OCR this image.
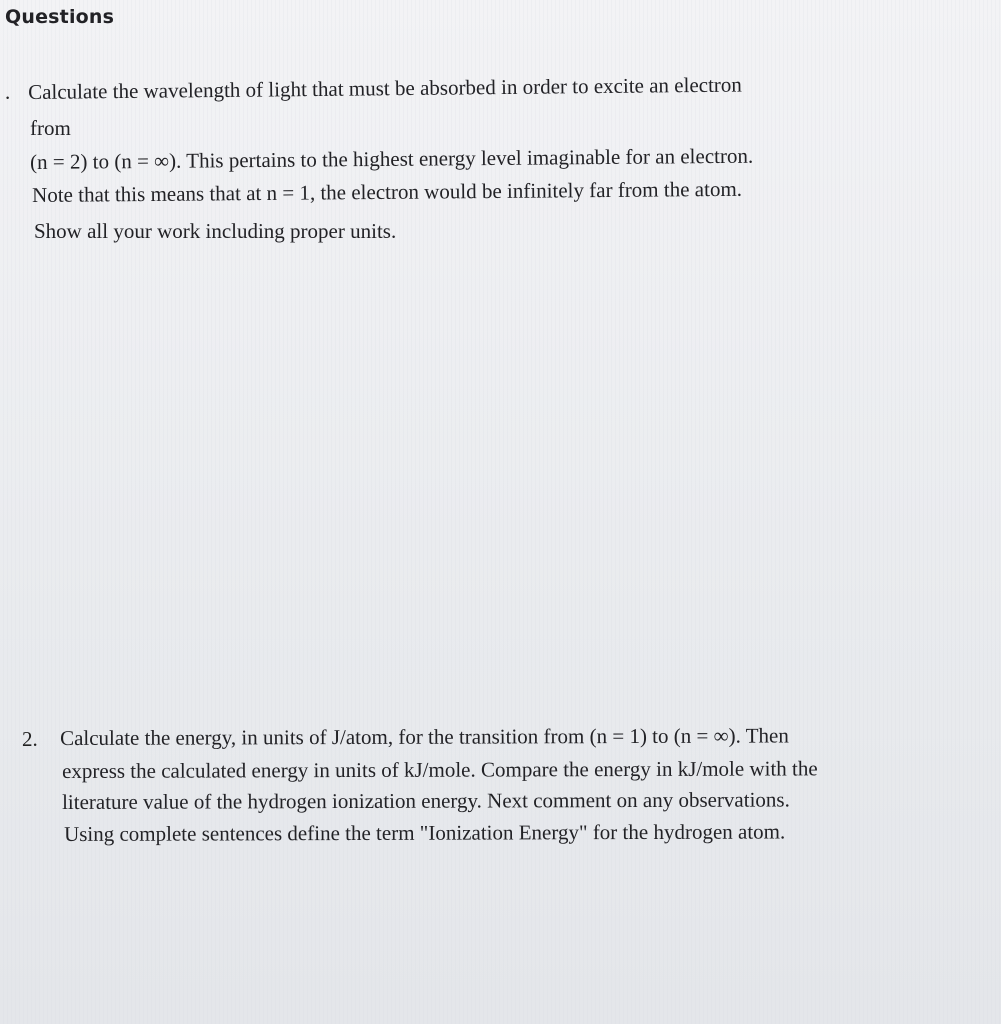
Questions
. Calculate the wavelength of light that must be absorbed in order to excite an electron
from
(n = 2) to (n = ∞). This pertains to the highest energy level imaginable for an electron.
Note that this means that at n = 1, the electron would be infinitely far from the atom.
Show all your work including proper units.
2. Calculate the energy, in units of J/atom, for the transition from (n = 1) to (n = ∞). Then
express the calculated energy in units of kJ/mole. Compare the energy in kJ/mole with the
literature value of the hydrogen ionization energy. Next comment on any observations.
Using complete sentences define the term "Ionization Energy" for the hydrogen atom.
